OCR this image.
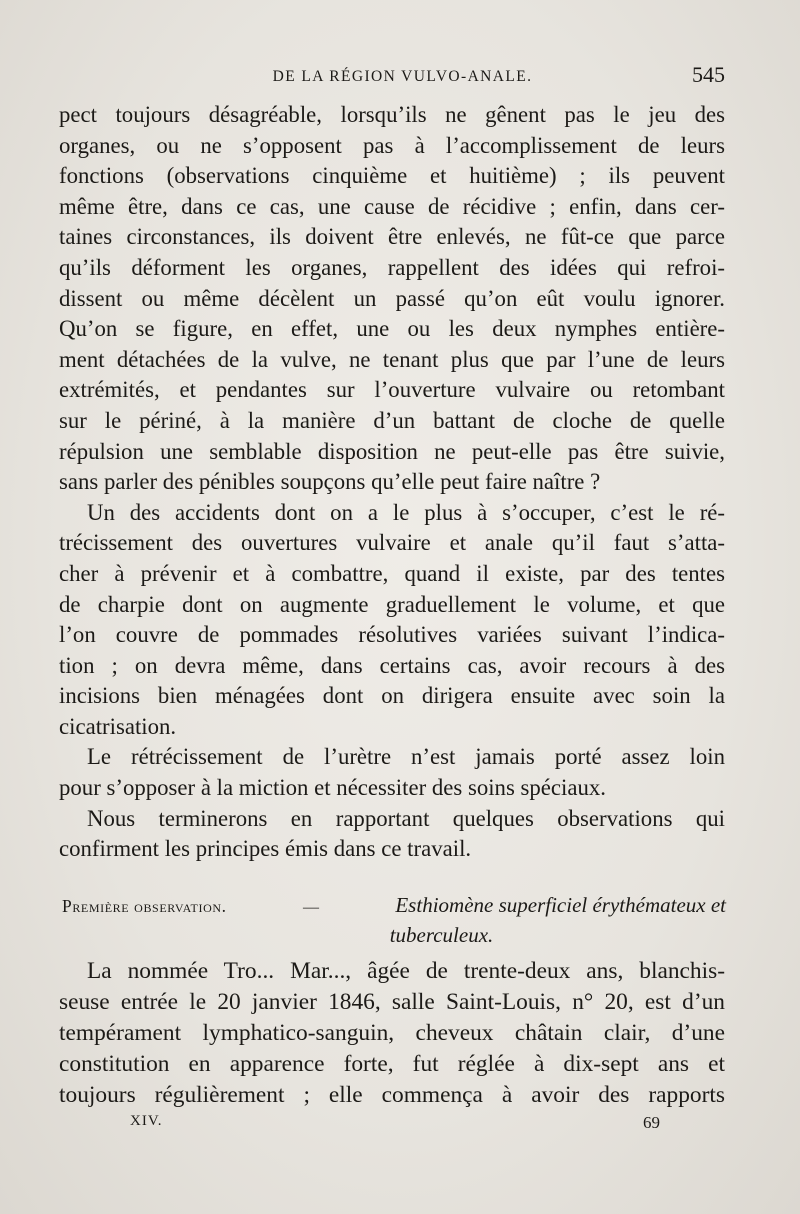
DE LA RÉGION VULVO-ANALE.	545
pect toujours désagréable, lorsqu’ils ne gênent pas le jeu des
organes, ou ne s’opposent pas à l’accomplissement de leurs
fonctions (observations cinquième et huitième) ; ils peuvent
même être, dans ce cas, une cause de récidive ; enfin, dans cer-
taines circonstances, ils doivent être enlevés, ne fût-ce que parce
qu’ils déforment les organes, rappellent des idées qui refroi-
dissent ou même décèlent un passé qu’on eût voulu ignorer.
Qu’on se figure, en effet, une ou les deux nymphes entière-
ment détachées de la vulve, ne tenant plus que par l’une de leurs
extrémités, et pendantes sur l’ouverture vulvaire ou retombant
sur le périné, à la manière d’un battant de cloche de quelle
répulsion une semblable disposition ne peut-elle pas être suivie,
sans parler des pénibles soupçons qu’elle peut faire naître ?
Un des accidents dont on a le plus à s’occuper, c’est le ré-
trécissement des ouvertures vulvaire et anale qu’il faut s’atta-
cher à prévenir et à combattre, quand il existe, par des tentes
de charpie dont on augmente graduellement le volume, et que
l’on couvre de pommades résolutives variées suivant l’indica-
tion ; on devra même, dans certains cas, avoir recours à des
incisions bien ménagées dont on dirigera ensuite avec soin la
cicatrisation.
Le rétrécissement de l’urètre n’est jamais porté assez loin
pour s’opposer à la miction et nécessiter des soins spéciaux.
Nous terminerons en rapportant quelques observations qui
confirment les principes émis dans ce travail.
Première observation.	—	Esthiomène superficiel érythémateux et
tuberculeux.
La nommée Tro... Mar..., âgée de trente-deux ans, blanchis-
seuse entrée le 20 janvier 1846, salle Saint-Louis, n° 20, est d’un
tempérament lymphatico-sanguin, cheveux châtain clair, d’une
constitution en apparence forte, fut réglée à dix-sept ans et
toujours régulièrement ; elle commença à avoir des rapports
XIV.	69
